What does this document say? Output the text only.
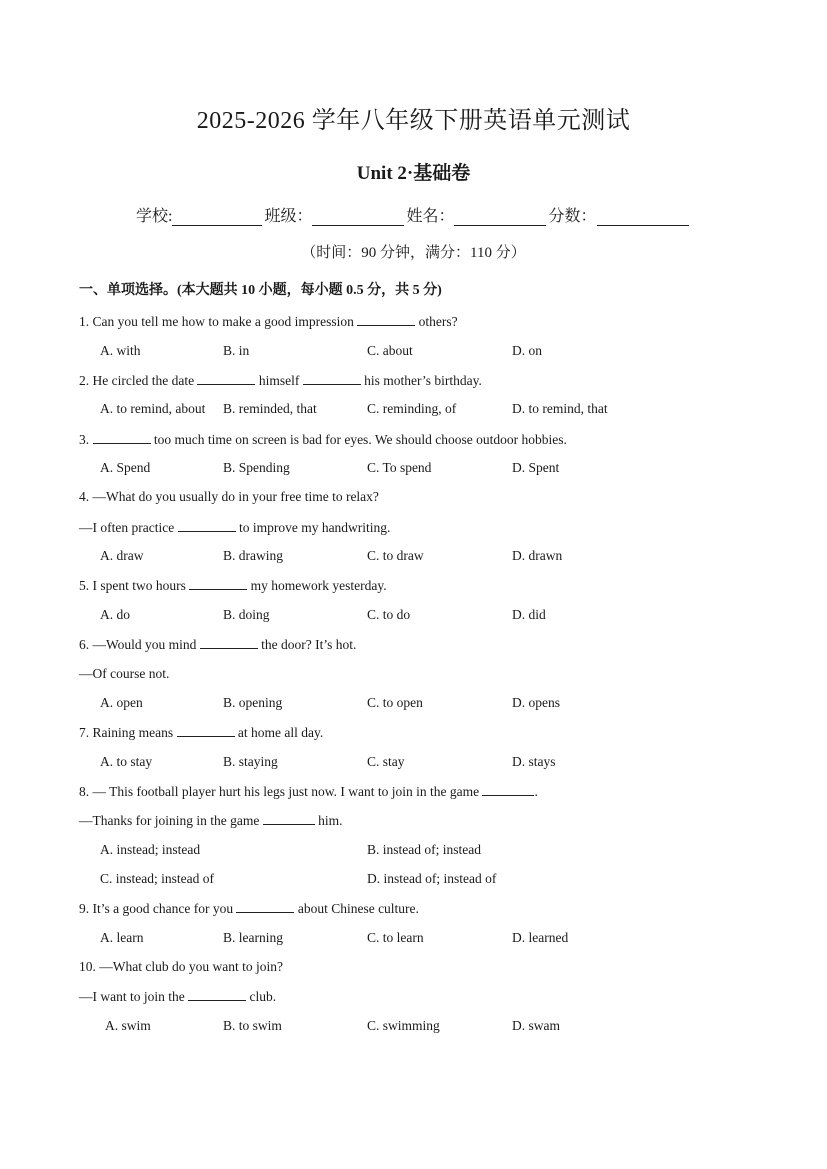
2025-2026 学年八年级下册英语单元测试
Unit 2·基础卷
学校:	班级：	姓名：	分数：
（时间：90 分钟，满分：110 分）
一、单项选择。(本大题共 10 小题，每小题 0.5 分，共 5 分)
1. Can you tell me how to make a good impression	others?
A. with	B. in	C. about	D. on
2. He circled the date	himself	his mother’s birthday.
A. to remind, about B. reminded, that	C. reminding, of	D. to remind, that
3.	too much time on screen is bad for eyes. We should choose outdoor hobbies.
A. Spend	B. Spending	C. To spend	D. Spent
4. —What do you usually do in your free time to relax?
—I often practice	to improve my handwriting.
A. draw	B. drawing	C. to draw	D. drawn
5. I spent two hours	my homework yesterday.
A. do	B. doing	C. to do	D. did
6. —Would you mind	the door? It’s hot.
—Of course not.
A. open	B. opening	C. to open	D. opens
7. Raining means	at home all day.
A. to stay	B. staying	C. stay	D. stays
8. — This football player hurt his legs just now. I want to join in the game	.
—Thanks for joining in the game	him.
A. instead; instead	B. instead of; instead
C. instead; instead of	D. instead of; instead of
9. It’s a good chance for you	about Chinese culture.
A. learn	B. learning	C. to learn	D. learned
10. —What club do you want to join?
—I want to join the	club.
A. swim	B. to swim	C. swimming	D. swam
